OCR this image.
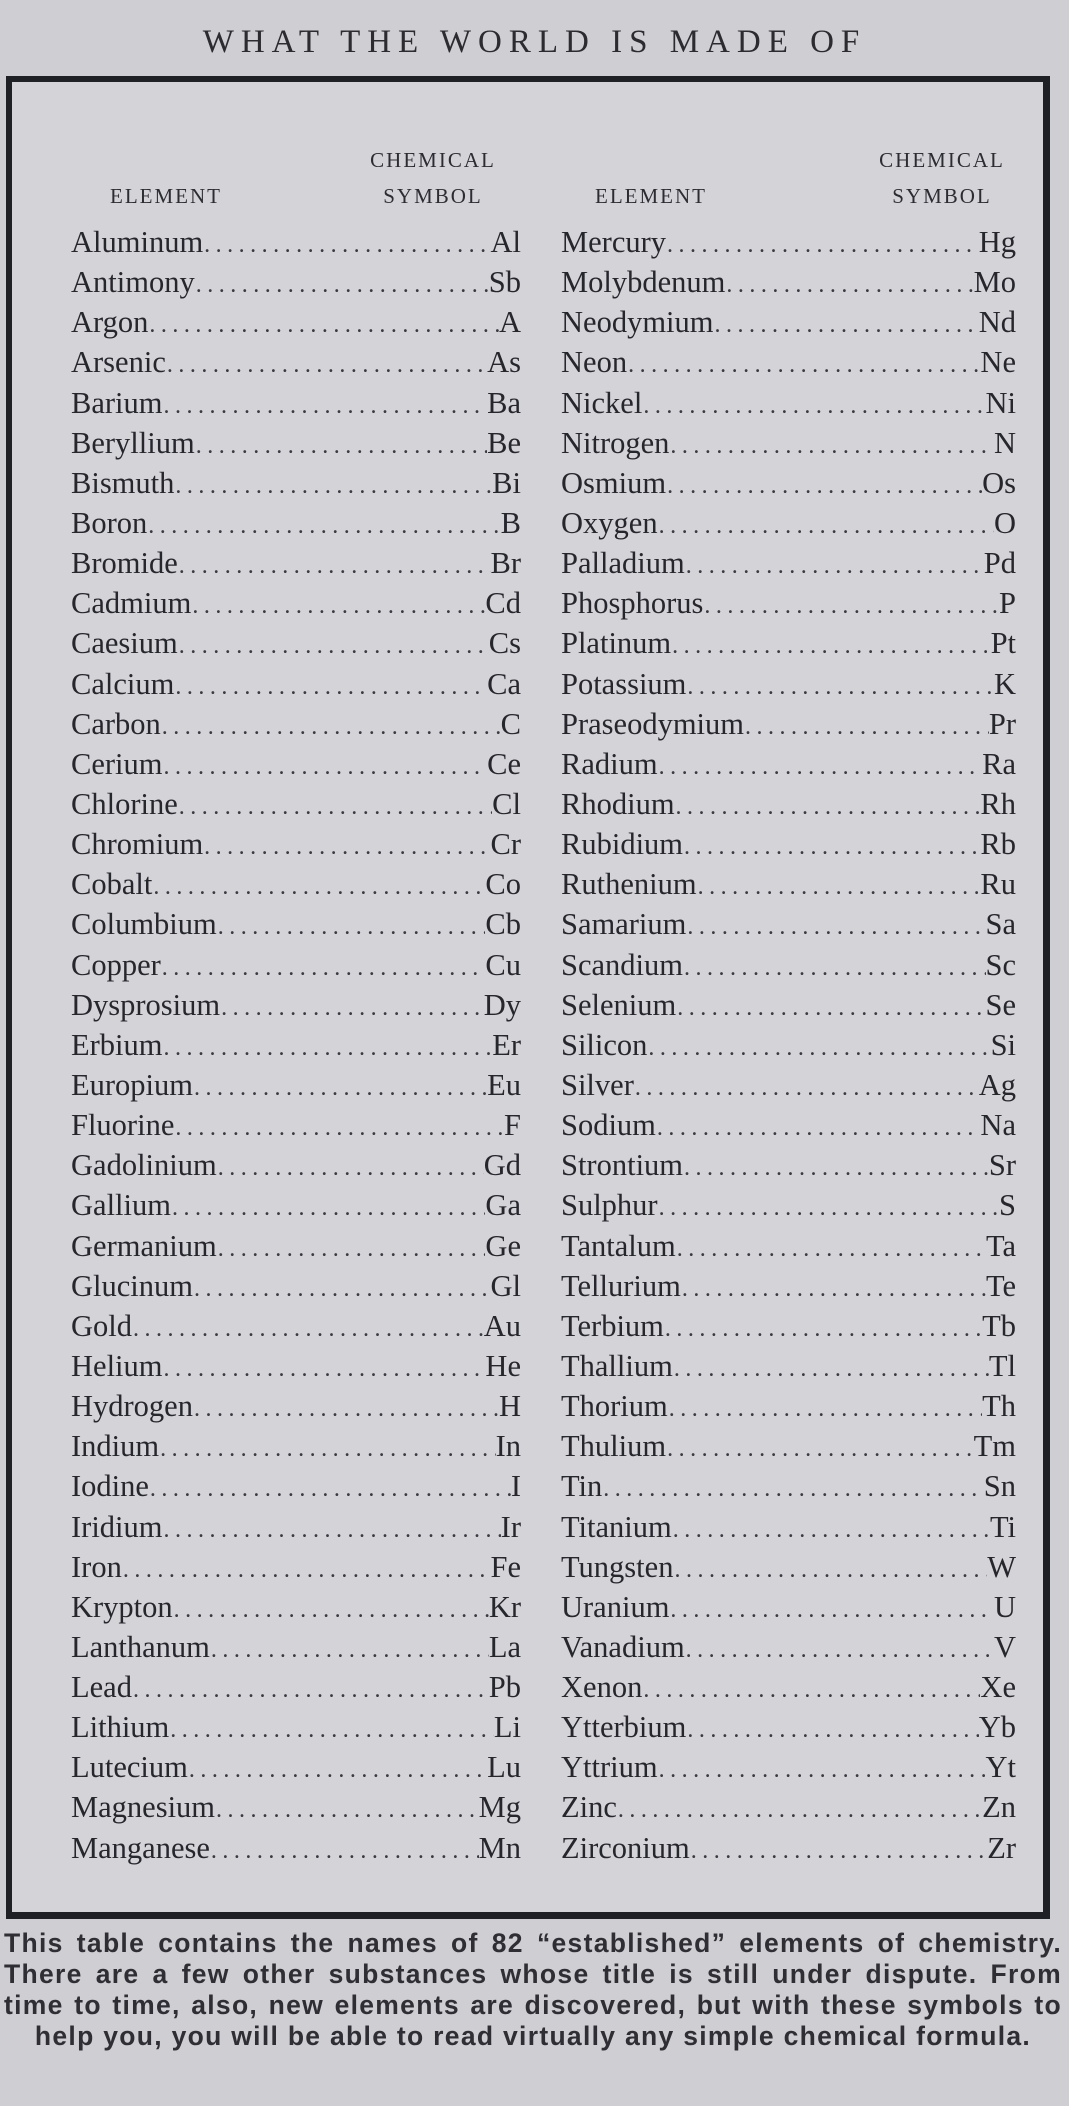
WHAT THE WORLD IS MADE OF
CHEMICAL
ELEMENT	SYMBOL
Aluminum . . .	Al
Antimony . . .	Sb
Argon . . .	A
Arsenic . . .	As
Barium . . .	Ba
Beryllium . . .	Be
Bismuth . . .	Bi
Boron . . .	B
Bromide . . .	Br
Cadmium . . .	Cd
Caesium . . .	Cs
Calcium . . .	Ca
Carbon . . .	C
Cerium . . .	Ce
Chlorine . . .	Cl
Chromium . . .	Cr
Cobalt . . .	Co
Columbium . . .	Cb
Copper . . .	Cu
Dysprosium . . .	Dy
Erbium . . .	Er
Europium . . .	Eu
Fluorine . . .	F
Gadolinium . . .	Gd
Gallium . . .	Ga
Germanium . . .	Ge
Glucinum . . .	Gl
Gold . . .	Au
Helium . . .	He
Hydrogen . . .	H
Indium . . .	In
Iodine . . .	I
Iridium . . .	Ir
Iron . . .	Fe
Krypton . . .	Kr
Lanthanum . . .	La
Lead . . .	Pb
Lithium . . .	Li
Lutecium . . .	Lu
Magnesium . . .	Mg
Manganese . . .	Mn
CHEMICAL
ELEMENT	SYMBOL
Mercury . . .	Hg
Molybdenum . . .	Mo
Neodymium . . .	Nd
Neon . . .	Ne
Nickel . . .	Ni
Nitrogen . . .	N
Osmium . . .	Os
Oxygen . . .	O
Palladium . . .	Pd
Phosphorus . . .	P
Platinum . . .	Pt
Potassium . . .	K
Praseodymium . . .	Pr
Radium . . .	Ra
Rhodium . . .	Rh
Rubidium . . .	Rb
Ruthenium . . .	Ru
Samarium . . .	Sa
Scandium . . .	Sc
Selenium . . .	Se
Silicon . . .	Si
Silver . . .	Ag
Sodium . . .	Na
Strontium . . .	Sr
Sulphur . . .	S
Tantalum . . .	Ta
Tellurium . . .	Te
Terbium . . .	Tb
Thallium . . .	Tl
Thorium . . .	Th
Thulium . . .	Tm
Tin . . .	Sn
Titanium . . .	Ti
Tungsten . . .	W
Uranium . . .	U
Vanadium . . .	V
Xenon . . .	Xe
Ytterbium . . .	Yb
Yttrium . . .	Yt
Zinc . . .	Zn
Zirconium . . .	Zr
This table contains the names of 82 “established” elements of chemistry. There are a few other substances whose title is still under dispute. From time to time, also, new elements are discovered, but with these symbols to help you, you will be able to read virtually any simple chemical formula.
